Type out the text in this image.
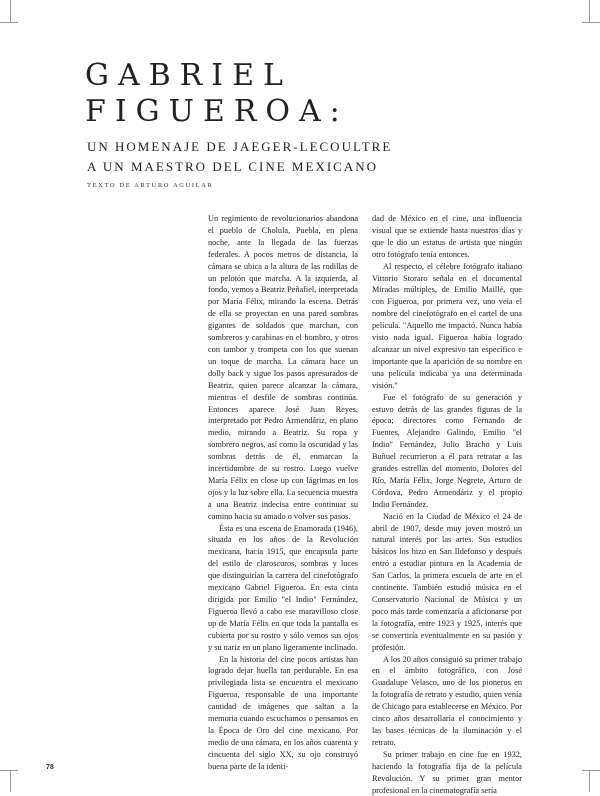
GABRIEL
FIGUEROA:
UN HOMENAJE DE JAEGER-LECOULTRE
A UN MAESTRO DEL CINE MEXICANO
TEXTO DE ARTURO AGUILAR

Un regimiento de revolucionarios abandona el pueblo de Cholula, Puebla, en plena noche, ante la llegada de las fuerzas federales. A pocos metros de distancia, la cámara se ubica a la altura de las rodillas de un pelotón que marcha. A la izquierda, al fondo, vemos a Beatriz Peñafiel, interpretada por María Félix, mirando la escena. Detrás de ella se proyectan en una pared sombras gigantes de soldados que marchan, con sombreros y carabinas en el hombro, y otros con tambor y trompeta con los que suenan un toque de marcha. La cámara hace un dolly back y sigue los pasos apresurados de Beatriz, quien parece alcanzar la cámara, mientras el desfile de sombras continúa. Entonces aparece José Juan Reyes, interpretado por Pedro Armendáriz, en plano medio, mirando a Beatriz. Su ropa y sombrero negros, así como la oscuridad y las sombras detrás de él, enmarcan la incertidumbre de su rostro. Luego vuelve María Félix en close up con lágrimas en los ojos y la luz sobre ella. La secuencia muestra a una Beatriz indecisa entre continuar su camino hacia su amado o volver sus pasos.

Ésta es una escena de Enamorada (1946), situada en los años de la Revolución mexicana, hacia 1915, que encapsula parte del estilo de claroscuros, sombras y luces que distinguirían la carrera del cinefotógrafo mexicano Gabriel Figueroa. En esta cinta dirigida por Emilio "el Indio" Fernández, Figueroa llevó a cabo ese maravilloso close up de María Félix en que toda la pantalla es cubierta por su rostro y sólo vemos sus ojos y su nariz en un plano ligeramente inclinado.

En la historia del cine pocos artistas han logrado dejar huella tan perdurable. En esa privilegiada lista se encuentra el mexicano Figueroa, responsable de una importante cantidad de imágenes que saltan a la memoria cuando escuchamos o pensamos en la Época de Oro del cine mexicano. Por medio de una cámara, en los años cuarenta y cincuenta del siglo XX, su ojo construyó buena parte de la identi-

dad de México en el cine, una influencia visual que se extiende hasta nuestros días y que le dio un estatus de artista que ningún otro fotógrafo tenía entonces.

Al respecto, el célebre fotógrafo italiano Vittorio Storaro señala en el documental Miradas múltiples, de Emilio Maillé, que con Figueroa, por primera vez, uno veía el nombre del cinefotógrafo en el cartel de una película. "Aquello me impactó. Nunca había visto nada igual. Figueroa había logrado alcanzar un nivel expresivo tan específico e importante que la aparición de su nombre en una película indicaba ya una determinada visión."

Fue el fotógrafo de su generación y estuvo detrás de las grandes figuras de la época; directores como Fernando de Fuentes, Alejandro Galindo, Emilio "el Indio" Fernández, Julio Bracho y Luis Buñuel recurrieron a él para retratar a las grandes estrellas del momento, Dolores del Río, María Félix, Jorge Negrete, Arturo de Córdova, Pedro Armendáriz y el propio Indio Fernández.

Nació en la Ciudad de México el 24 de abril de 1907, desde muy joven mostró un natural interés por las artes. Sus estudios básicos los hizo en San Ildefonso y después entró a estudiar pintura en la Academia de San Carlos, la primera escuela de arte en el continente. También estudió música en el Conservatorio Nacional de Música y un poco más tarde comenzaría a aficionarse por la fotografía, entre 1923 y 1925, interés que se convertiría eventualmente en su pasión y profesión.

A los 20 años consiguió su primer trabajo en el ámbito fotográfico, con José Guadalupe Velasco, uno de los pioneros en la fotografía de retrato y estudio, quien venía de Chicago para establecerse en México. Por cinco años desarrollaría el conocimiento y las bases técnicas de la iluminación y el retrato.

Su primer trabajo en cine fue en 1932, haciendo la fotografía fija de la película Revolución. Y su primer gran mentor profesional en la cinematografía sería

78
